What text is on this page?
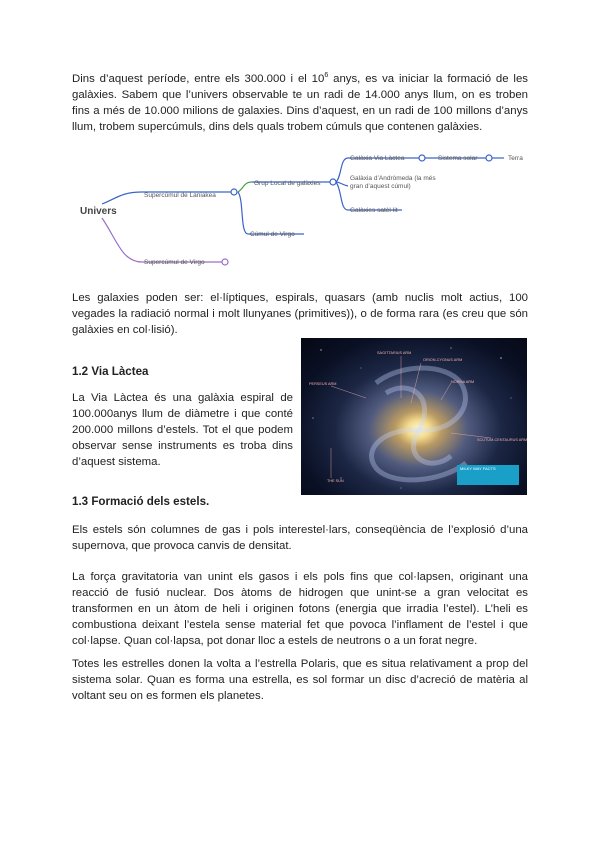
Dins d’aquest període, entre els 300.000 i el $10^6$ anys, es va iniciar la formació de les galàxies. Sabem que l’univers observable te un radi de 14.000 anys llum, on es troben fins a més de 10.000 milions de galaxies. Dins d’aquest, en un radi de 100 millons d’anys llum, trobem supercúmuls, dins dels quals trobem cúmuls que contenen galàxies.

Univers
Supercúmul de Laniakea
Supercúmul de Virgo
Grup Local de galàxies
Cúmul de Virgo
Galàxia Via Làctea	Sistema solar	Terra
Galàxia d’Andròmeda (la més gran d’aquest cúmul)
Galàxies satèl·lit

Les galaxies poden ser: el·líptiques, espirals, quasars (amb nuclis molt actius, 100 vegades la radiació normal i molt llunyanes (primitives)), o de forma rara (es creu que són galàxies en col·lisió).

1.2 Via Làctea

La Via Làctea és una galàxia espiral de 100.000anys llum de diàmetre i que conté 200.000 millons d’estels. Tot el que podem observar sense instruments es troba dins d’aquest sistema.

SAGITTARIUS ARM
ORION-CYGNUS ARM
PERSEUS ARM	NORMA ARM
SCUTUM-CENTAURUS ARM
THE SUN
MILKY WAY FACTS
1.3 Formació dels estels.

Els estels són columnes de gas i pols interestel·lars, conseqüència de l’explosió d’una supernova, que provoca canvis de densitat.

La força gravitatoria van unint els gasos i els pols fins que col·lapsen, originant una reacció de fusió nuclear. Dos àtoms de hidrogen que unint-se a gran velocitat es transformen en un àtom de heli i originen fotons (energia que irradia l’estel). L’heli es combustiona deixant l’estela sense material fet que povoca l’inflament de l’estel i que col·lapse. Quan col·lapsa, pot donar lloc a estels de neutrons o a un forat negre.

Totes les estrelles donen la volta a l’estrella Polaris, que es situa relativament a prop del sistema solar. Quan es forma una estrella, es sol formar un disc d’acreció de matèria al voltant seu on es formen els planetes.
